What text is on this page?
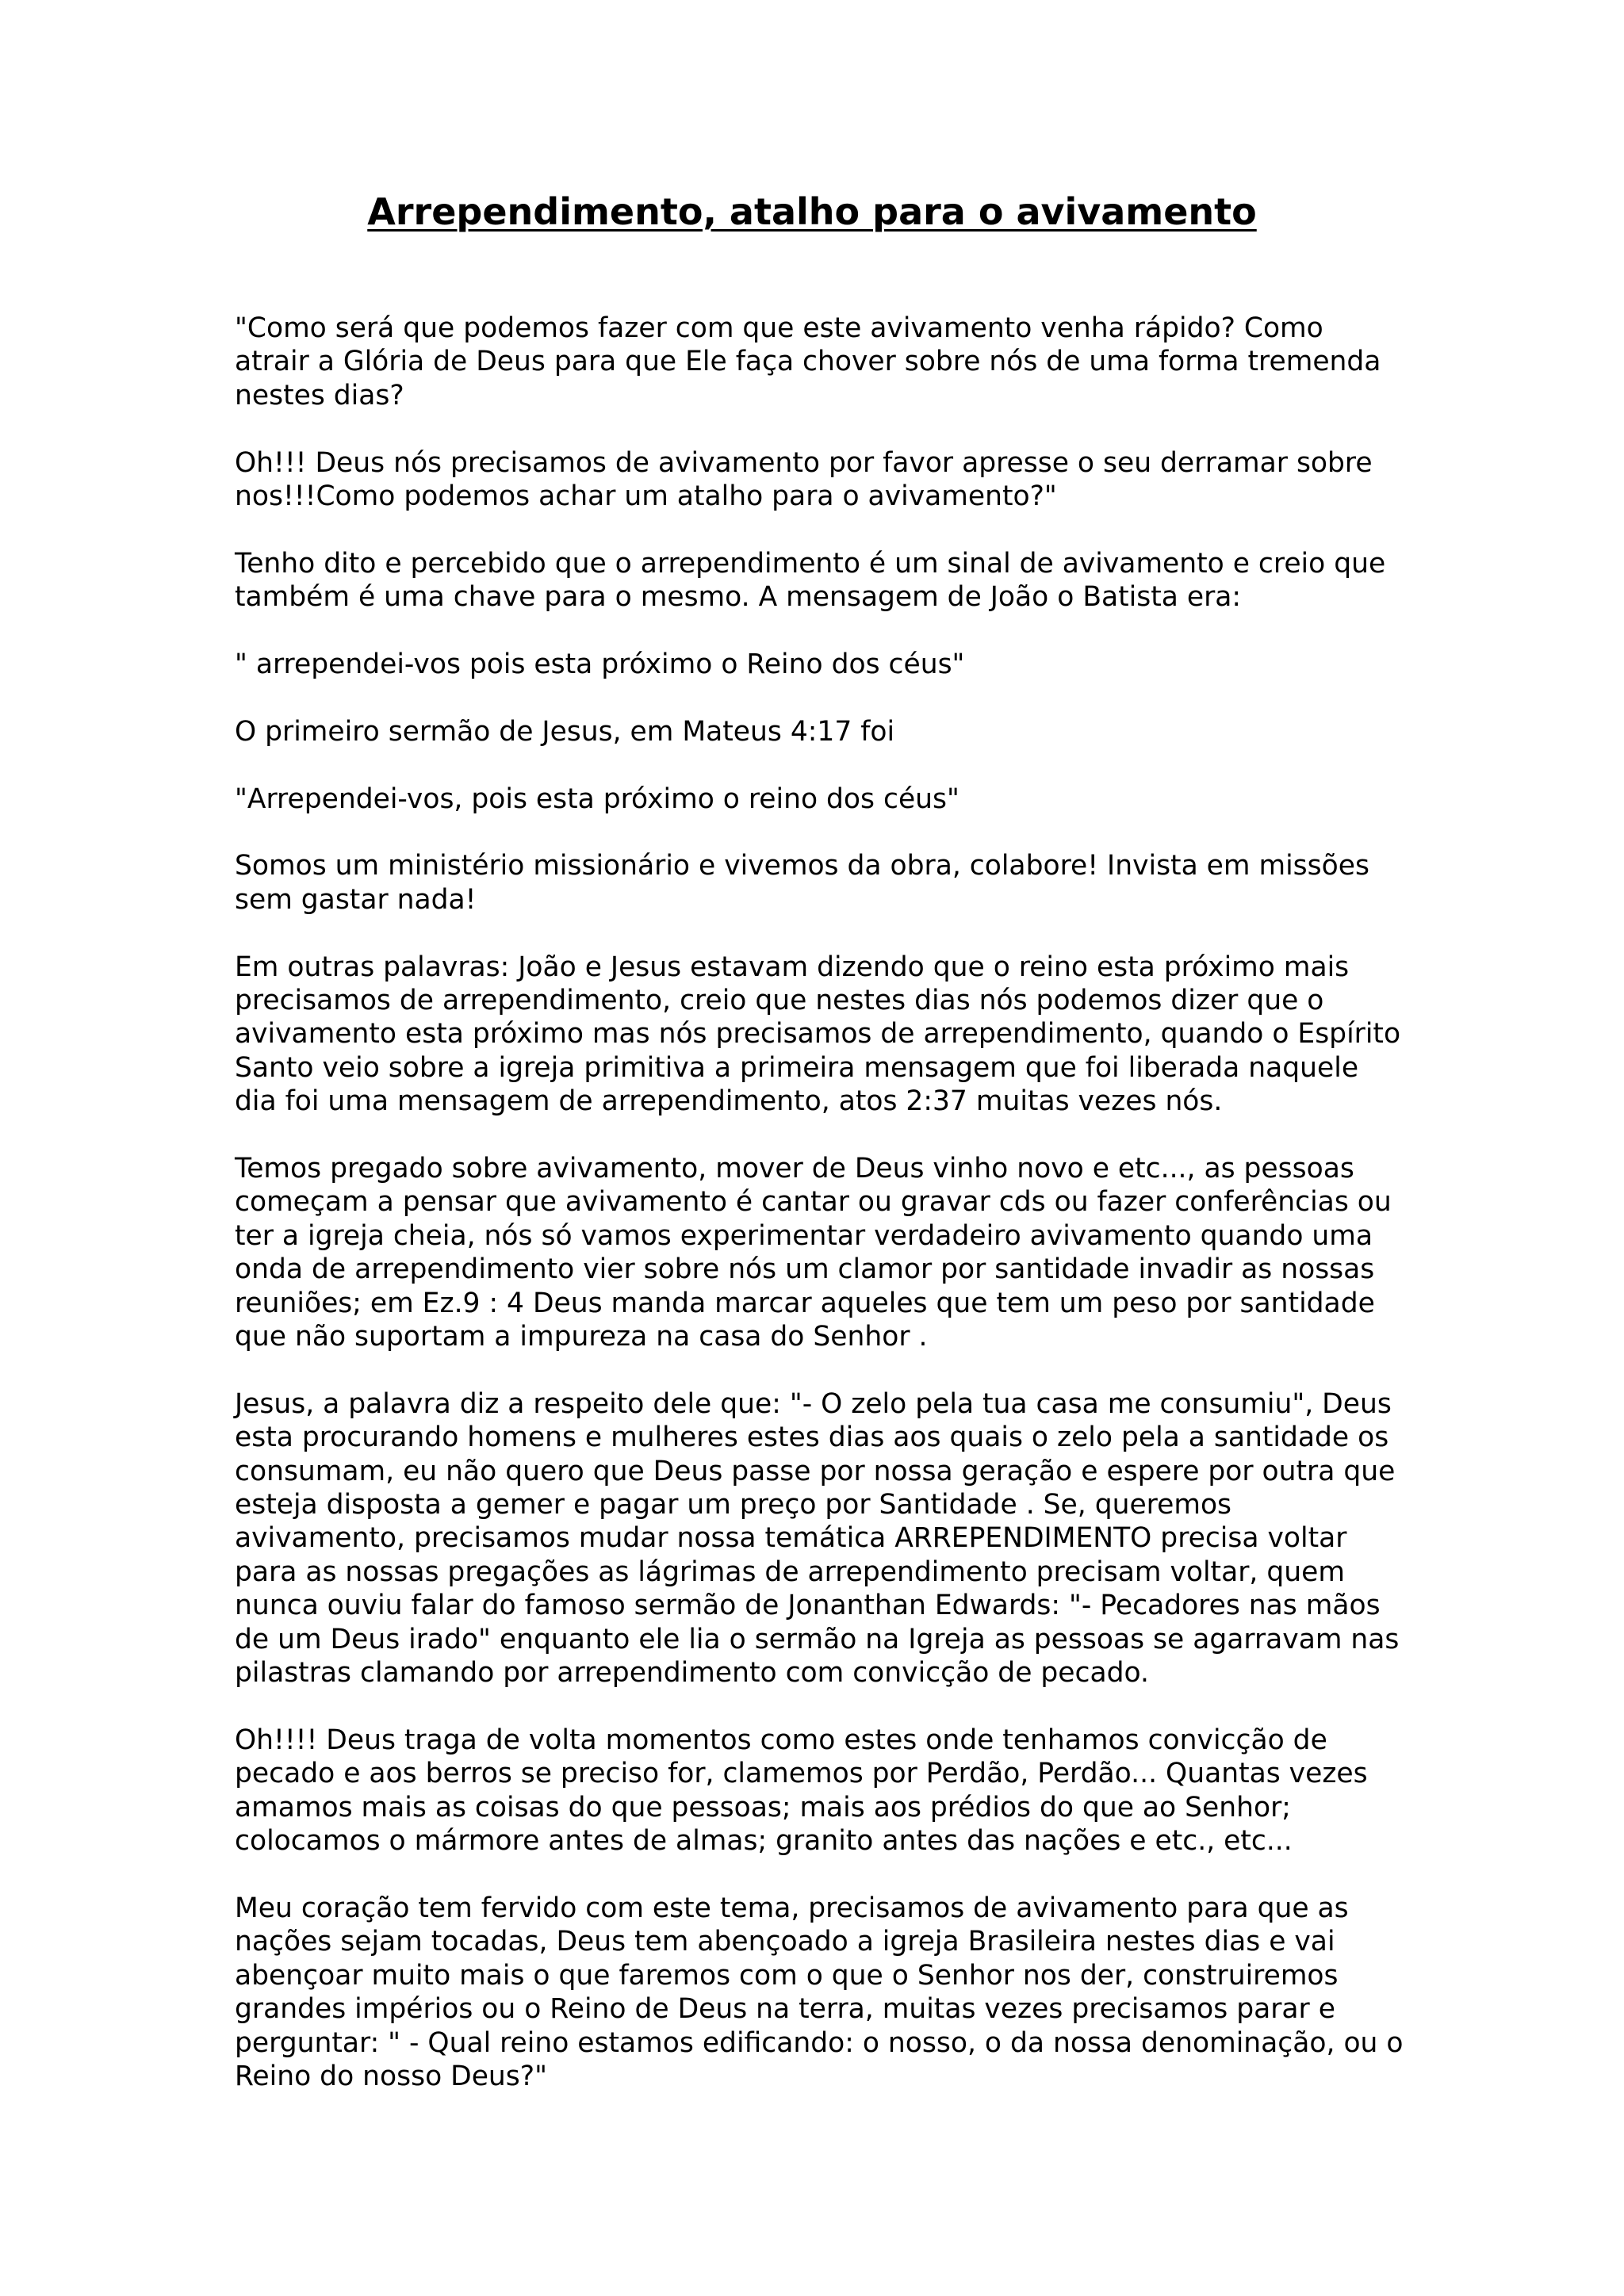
Arrependimento, atalho para o avivamento

"Como será que podemos fazer com que este avivamento venha rápido? Como atrair a Glória de Deus para que Ele faça chover sobre nós de uma forma tremenda nestes dias?

Oh!!! Deus nós precisamos de avivamento por favor apresse o seu derramar sobre nos!!!Como podemos achar um atalho para o avivamento?"

Tenho dito e percebido que o arrependimento é um sinal de avivamento e creio que também é uma chave para o mesmo. A mensagem de João o Batista era:

" arrependei-vos pois esta próximo o Reino dos céus"

O primeiro sermão de Jesus, em Mateus 4:17 foi

"Arrependei-vos, pois esta próximo o reino dos céus"

Somos um ministério missionário e vivemos da obra, colabore! Invista em missões sem gastar nada!

Em outras palavras: João e Jesus estavam dizendo que o reino esta próximo mais precisamos de arrependimento, creio que nestes dias nós podemos dizer que o avivamento esta próximo mas nós precisamos de arrependimento, quando o Espírito Santo veio sobre a igreja primitiva a primeira mensagem que foi liberada naquele dia foi uma mensagem de arrependimento, atos 2:37 muitas vezes nós.

Temos pregado sobre avivamento, mover de Deus vinho novo e etc..., as pessoas começam a pensar que avivamento é cantar ou gravar cds ou fazer conferências ou ter a igreja cheia, nós só vamos experimentar verdadeiro avivamento quando uma onda de arrependimento vier sobre nós um clamor por santidade invadir as nossas reuniões; em Ez.9 : 4 Deus manda marcar aqueles que tem um peso por santidade que não suportam a impureza na casa do Senhor .

Jesus, a palavra diz a respeito dele que: "- O zelo pela tua casa me consumiu", Deus esta procurando homens e mulheres estes dias aos quais o zelo pela a santidade os consumam, eu não quero que Deus passe por nossa geração e espere por outra que esteja disposta a gemer e pagar um preço por Santidade . Se, queremos avivamento, precisamos mudar nossa temática ARREPENDIMENTO precisa voltar para as nossas pregações as lágrimas de arrependimento precisam voltar, quem nunca ouviu falar do famoso sermão de Jonanthan Edwards: "- Pecadores nas mãos de um Deus irado" enquanto ele lia o sermão na Igreja as pessoas se agarravam nas pilastras clamando por arrependimento com convicção de pecado.

Oh!!!! Deus traga de volta momentos como estes onde tenhamos convicção de pecado e aos berros se preciso for, clamemos por Perdão, Perdão... Quantas vezes amamos mais as coisas do que pessoas; mais aos prédios do que ao Senhor; colocamos o mármore antes de almas; granito antes das nações e etc., etc...

Meu coração tem fervido com este tema, precisamos de avivamento para que as nações sejam tocadas, Deus tem abençoado a igreja Brasileira nestes dias e vai abençoar muito mais o que faremos com o que o Senhor nos der, construiremos grandes impérios ou o Reino de Deus na terra, muitas vezes precisamos parar e perguntar: " - Qual reino estamos edificando: o nosso, o da nossa denominação, ou o Reino do nosso Deus?"
